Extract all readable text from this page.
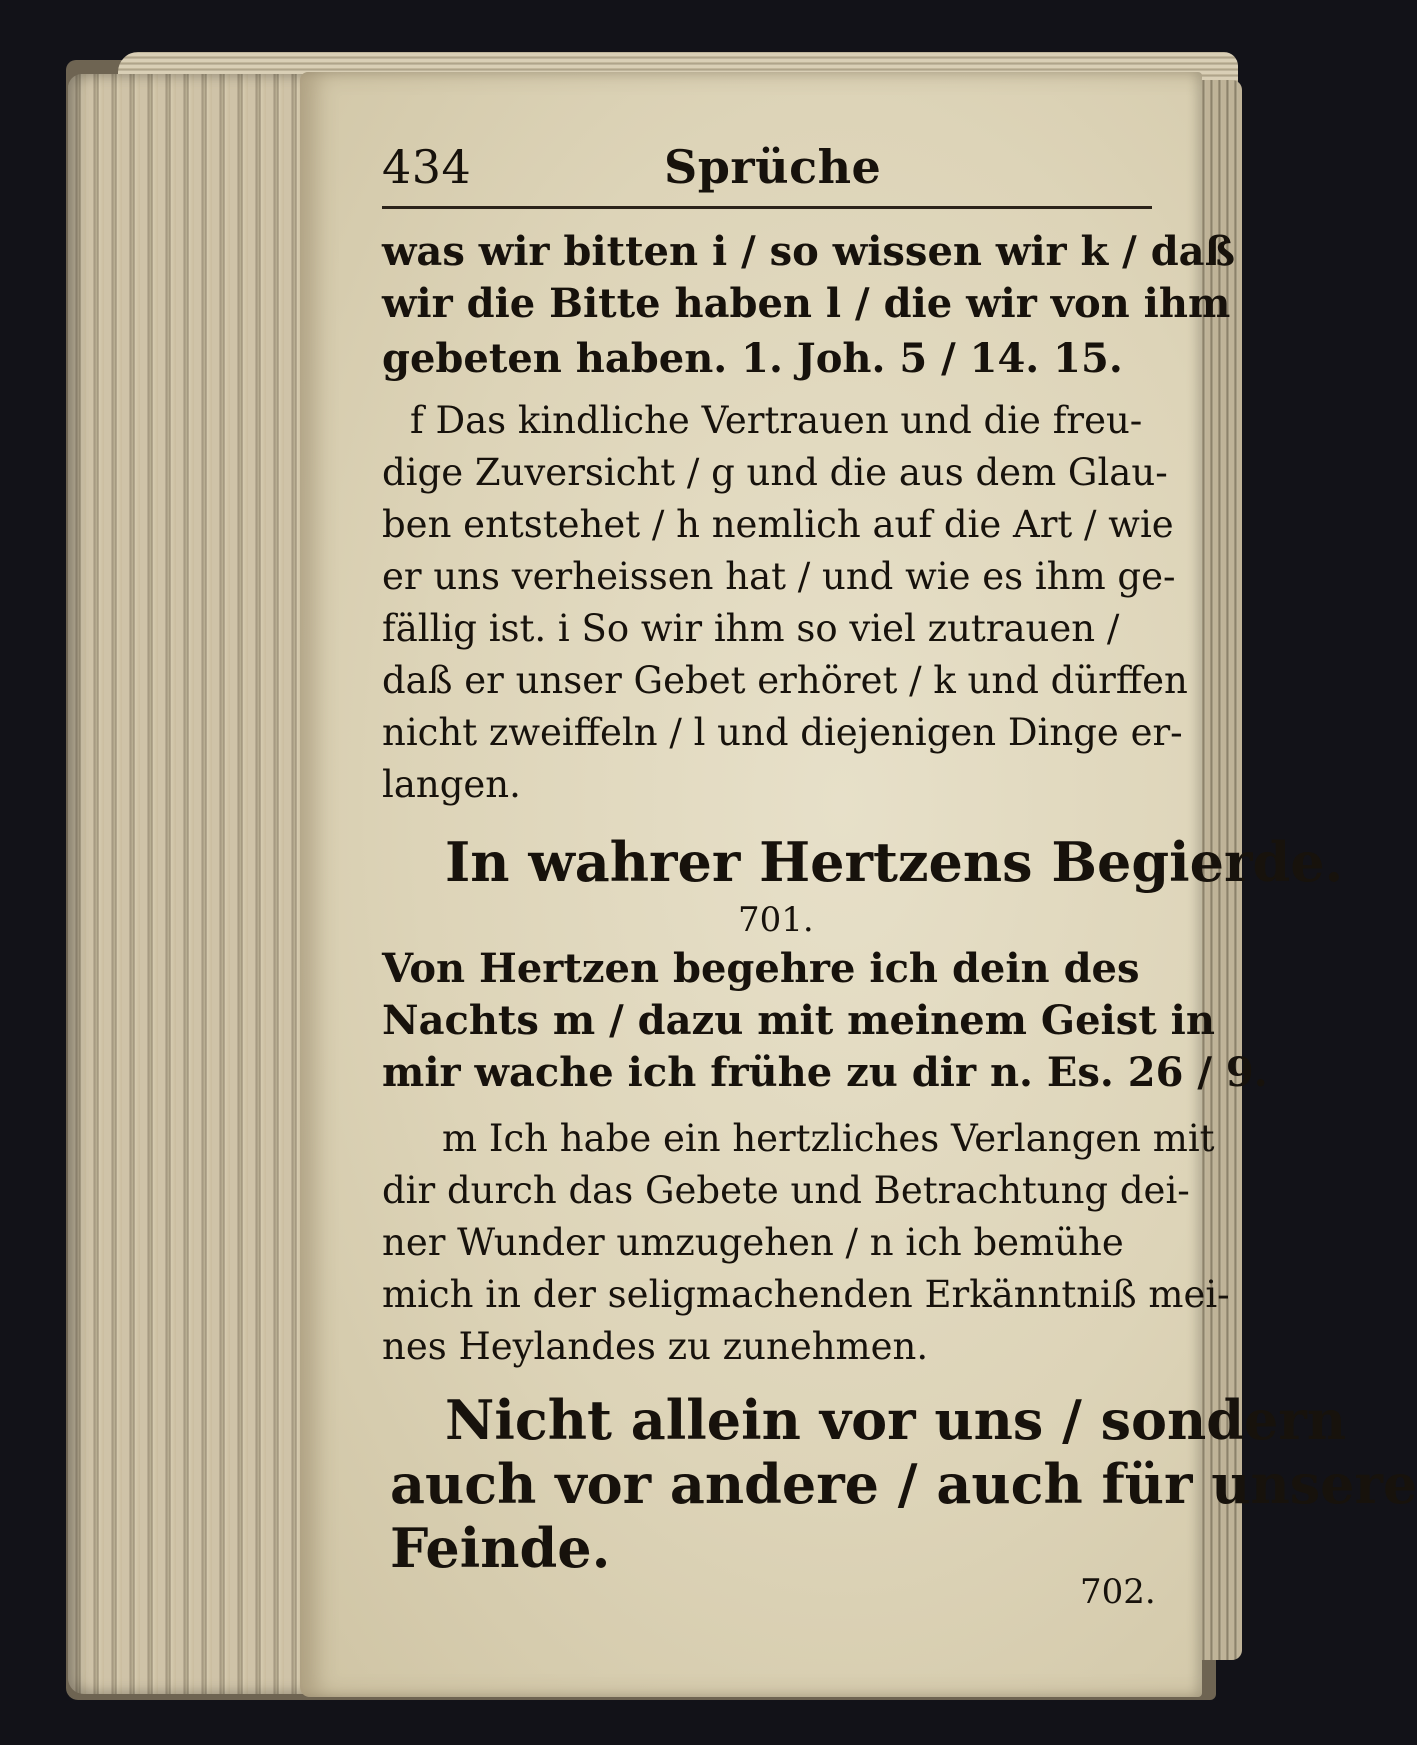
434	Sprüche
was wir bitten i / so wissen wir k / daß
wir die Bitte haben l / die wir von ihm
gebeten haben. 1. Joh. 5 / 14. 15.
f Das kindliche Vertrauen und die freu-
dige Zuversicht / g und die aus dem Glau-
ben entstehet / h nemlich auf die Art / wie
er uns verheissen hat / und wie es ihm ge-
fällig ist. i So wir ihm so viel zutrauen /
daß er unser Gebet erhöret / k und dürffen
nicht zweiffeln / l und diejenigen Dinge er-
langen.
In wahrer Hertzens Begierde.
701.
Von Hertzen begehre ich dein des
Nachts m / dazu mit meinem Geist in
mir wache ich frühe zu dir n. Es. 26 / 9.
m Ich habe ein hertzliches Verlangen mit
dir durch das Gebete und Betrachtung dei-
ner Wunder umzugehen / n ich bemühe
mich in der seligmachenden Erkänntniß mei-
nes Heylandes zu zunehmen.
Nicht allein vor uns / sondern
auch vor andere / auch für unsere
Feinde.
702.
